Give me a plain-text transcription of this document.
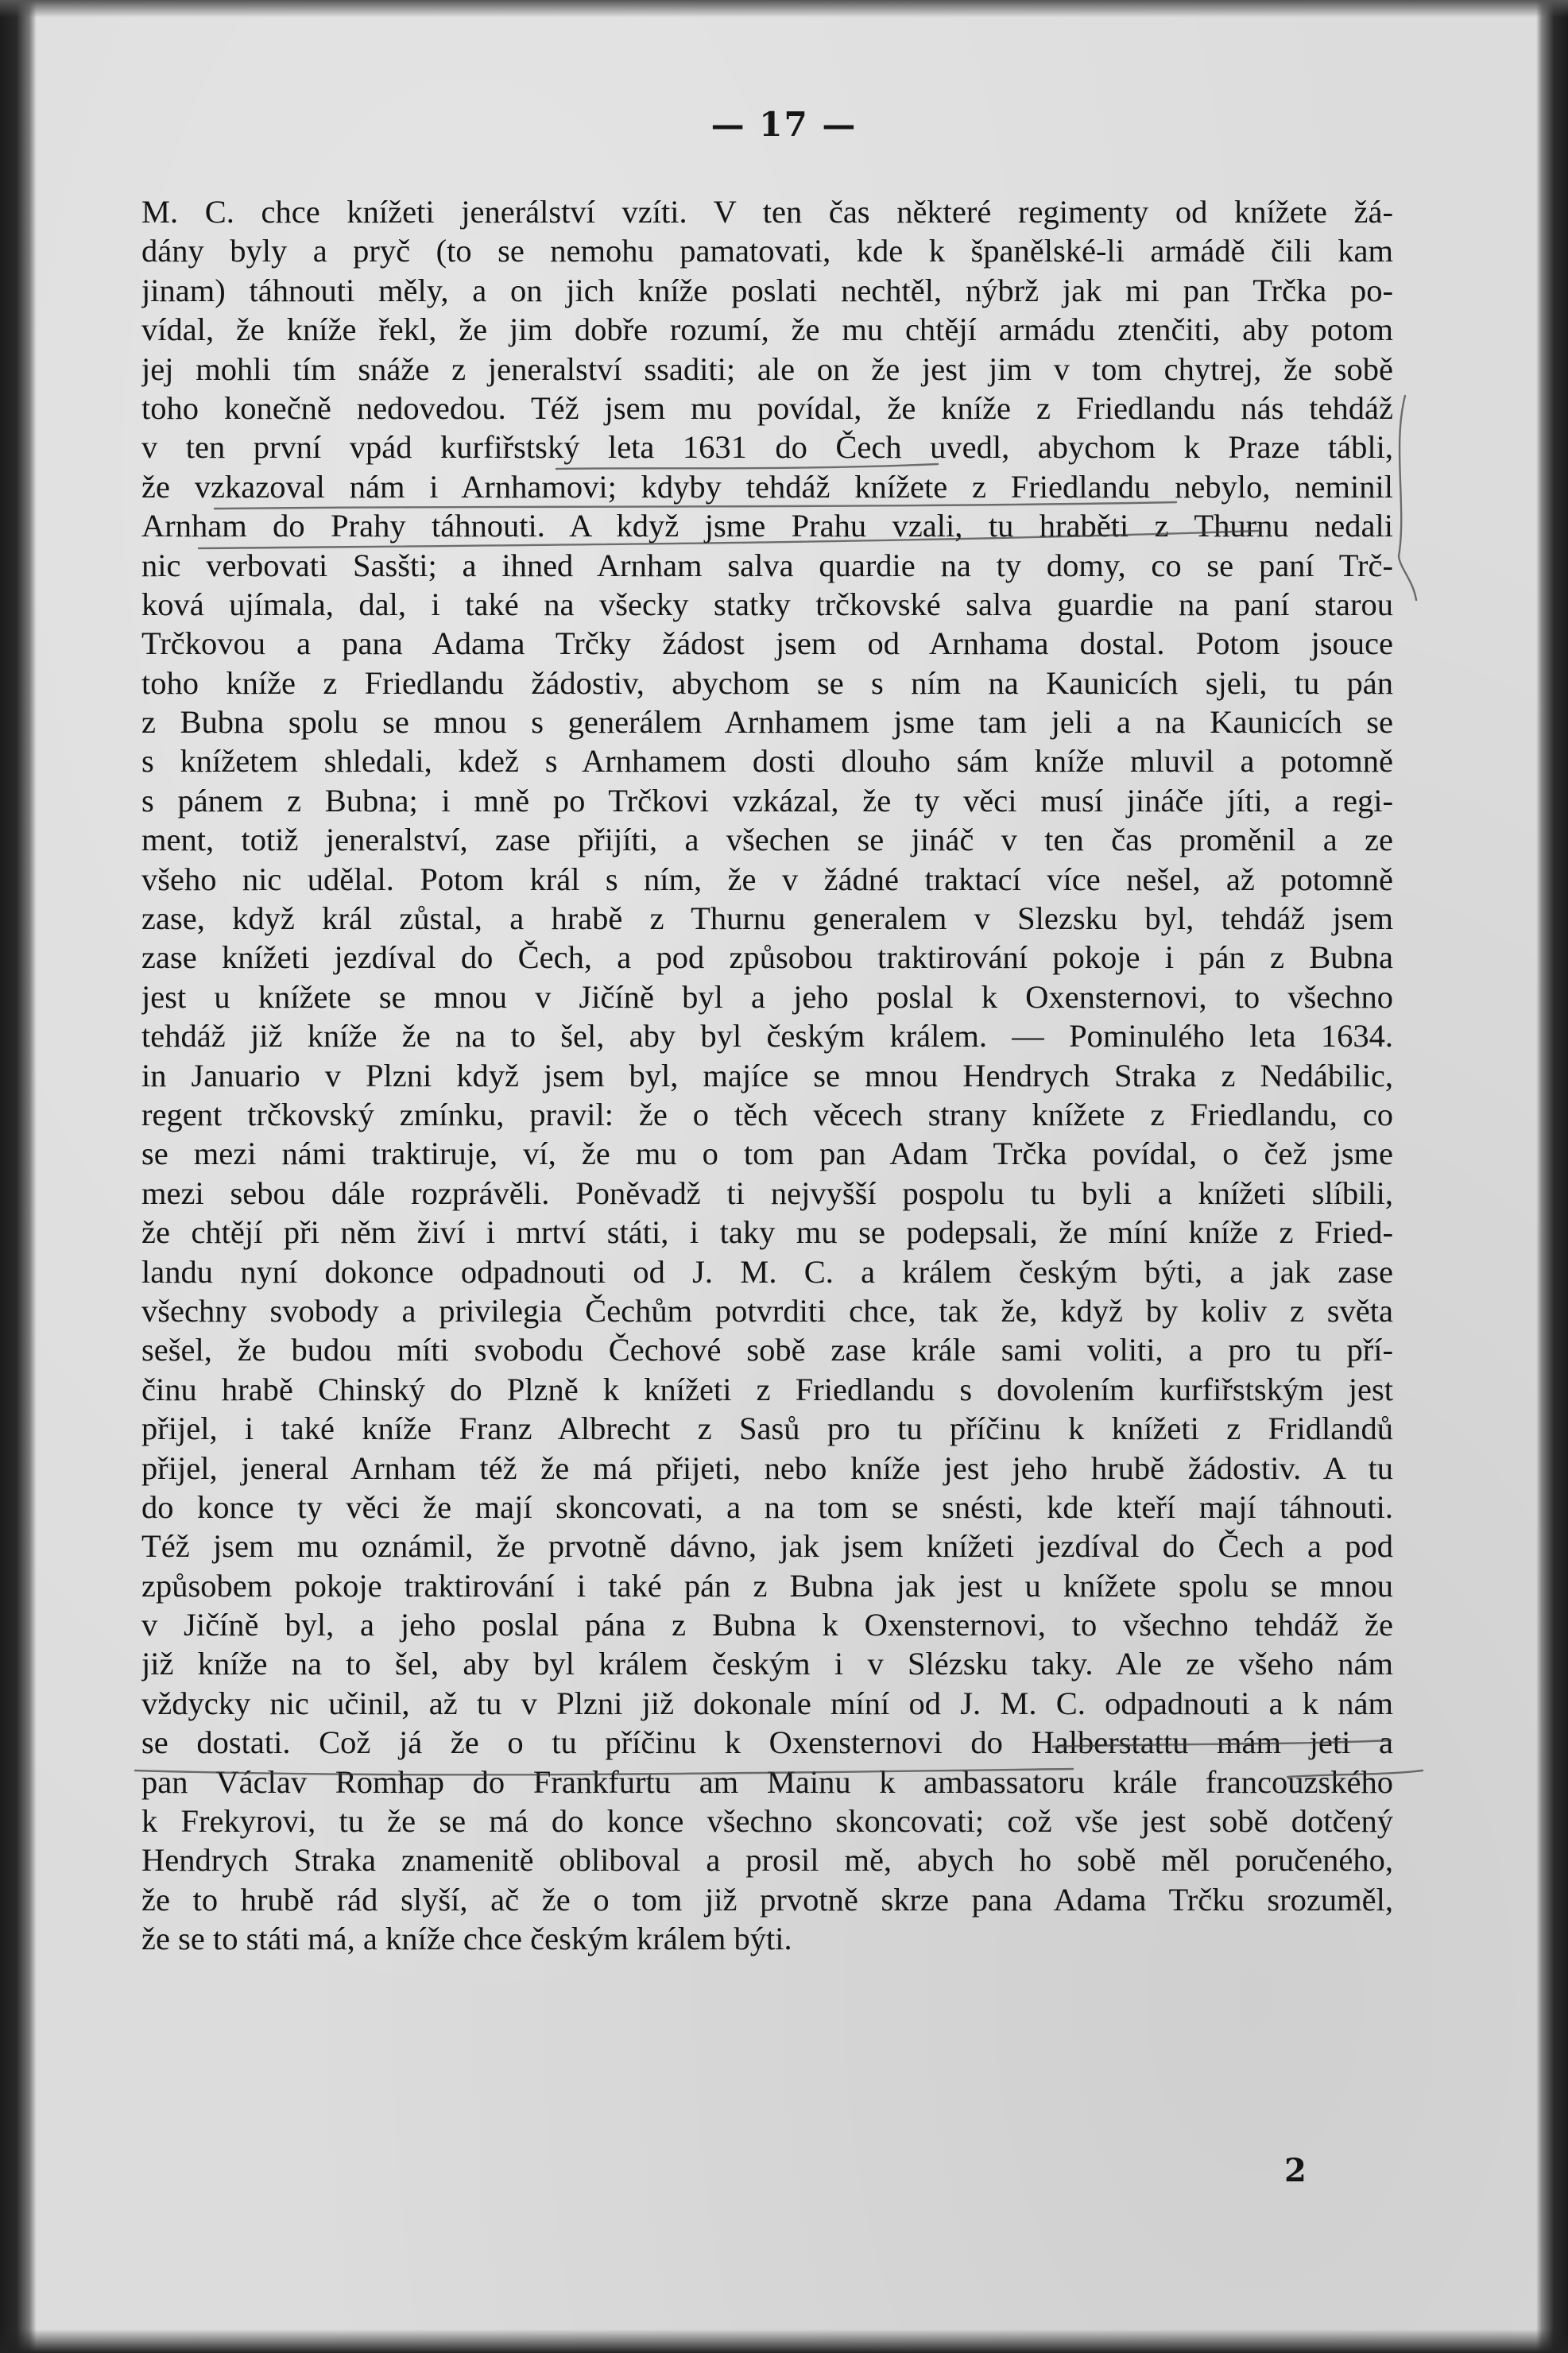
— 17 —
M. C. chce knížeti jenerálství vzíti. V ten čas některé regimenty od knížete žá-
dány byly a pryč (to se nemohu pamatovati, kde k španělské-li armádě čili kam
jinam) táhnouti měly, a on jich kníže poslati nechtěl, nýbrž jak mi pan Trčka po-
vídal, že kníže řekl, že jim dobře rozumí, že mu chtějí armádu ztenčiti, aby potom
jej mohli tím snáže z jeneralství ssaditi; ale on že jest jim v tom chytrej, že sobě
toho konečně nedovedou. Též jsem mu povídal, že kníže z Friedlandu nás tehdáž
v ten první vpád kurfiřstský leta 1631 do Čech uvedl, abychom k Praze tábli,
že vzkazoval nám i Arnhamovi; kdyby tehdáž knížete z Friedlandu nebylo, neminil
Arnham do Prahy táhnouti. A když jsme Prahu vzali, tu hraběti z Thurnu nedali
nic verbovati Sasšti; a ihned Arnham salva quardie na ty domy, co se paní Trč-
ková ujímala, dal, i také na všecky statky trčkovské salva guardie na paní starou
Trčkovou a pana Adama Trčky žádost jsem od Arnhama dostal. Potom jsouce
toho kníže z Friedlandu žádostiv, abychom se s ním na Kaunicích sjeli, tu pán
z Bubna spolu se mnou s generálem Arnhamem jsme tam jeli a na Kaunicích se
s knížetem shledali, kdež s Arnhamem dosti dlouho sám kníže mluvil a potomně
s pánem z Bubna; i mně po Trčkovi vzkázal, že ty věci musí jináče jíti, a regi-
ment, totiž jeneralství, zase přijíti, a všechen se jináč v ten čas proměnil a ze
všeho nic udělal. Potom král s ním, že v žádné traktací více nešel, až potomně
zase, když král zůstal, a hrabě z Thurnu generalem v Slezsku byl, tehdáž jsem
zase knížeti jezdíval do Čech, a pod způsobou traktirování pokoje i pán z Bubna
jest u knížete se mnou v Jičíně byl a jeho poslal k Oxensternovi, to všechno
tehdáž již kníže že na to šel, aby byl českým králem. — Pominulého leta 1634.
in Januario v Plzni když jsem byl, majíce se mnou Hendrych Straka z Nedábilic,
regent trčkovský zmínku, pravil: že o těch věcech strany knížete z Friedlandu, co
se mezi námi traktiruje, ví, že mu o tom pan Adam Trčka povídal, o čež jsme
mezi sebou dále rozprávěli. Poněvadž ti nejvyšší pospolu tu byli a knížeti slíbili,
že chtějí při něm živí i mrtví státi, i taky mu se podepsali, že míní kníže z Fried-
landu nyní dokonce odpadnouti od J. M. C. a králem českým býti, a jak zase
všechny svobody a privilegia Čechům potvrditi chce, tak že, když by koliv z světa
sešel, že budou míti svobodu Čechové sobě zase krále sami voliti, a pro tu pří-
činu hrabě Chinský do Plzně k knížeti z Friedlandu s dovolením kurfiřstským jest
přijel, i také kníže Franz Albrecht z Sasů pro tu příčinu k knížeti z Fridlandů
přijel, jeneral Arnham též že má přijeti, nebo kníže jest jeho hrubě žádostiv. A tu
do konce ty věci že mají skoncovati, a na tom se snésti, kde kteří mají táhnouti.
Též jsem mu oznámil, že prvotně dávno, jak jsem knížeti jezdíval do Čech a pod
způsobem pokoje traktirování i také pán z Bubna jak jest u knížete spolu se mnou
v Jičíně byl, a jeho poslal pána z Bubna k Oxensternovi, to všechno tehdáž že
již kníže na to šel, aby byl králem českým i v Slézsku taky. Ale ze všeho nám
vždycky nic učinil, až tu v Plzni již dokonale míní od J. M. C. odpadnouti a k nám
se dostati. Což já že o tu příčinu k Oxensternovi do Halberstattu mám jeti a
pan Václav Romhap do Frankfurtu am Mainu k ambassatoru krále francouzského
k Frekyrovi, tu že se má do konce všechno skoncovati; což vše jest sobě dotčený
Hendrych Straka znamenitě obliboval a prosil mě, abych ho sobě měl poručeného,
že to hrubě rád slyší, ač že o tom již prvotně skrze pana Adama Trčku srozuměl,
že se to státi má, a kníže chce českým králem býti.
2
